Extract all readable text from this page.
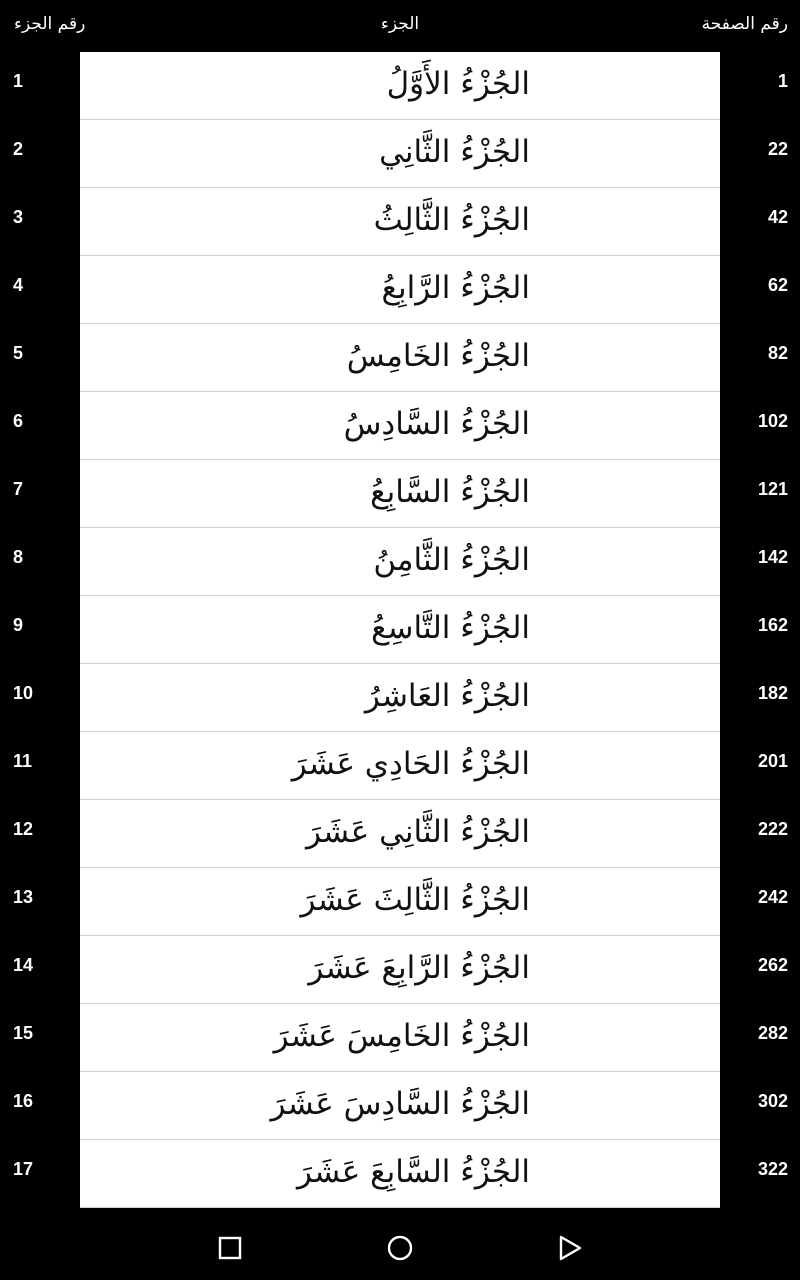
رقم الجزء	الجزء	رقم الصفحة
1	الجُزْءُ الأَوَّلُ	1
2	الجُزْءُ الثَّانِي	22
3	الجُزْءُ الثَّالِثُ	42
4	الجُزْءُ الرَّابِعُ	62
5	الجُزْءُ الخَامِسُ	82
6	الجُزْءُ السَّادِسُ	102
7	الجُزْءُ السَّابِعُ	121
8	الجُزْءُ الثَّامِنُ	142
9	الجُزْءُ التَّاسِعُ	162
10	الجُزْءُ العَاشِرُ	182
11	الجُزْءُ الحَادِي عَشَرَ	201
12	الجُزْءُ الثَّانِي عَشَرَ	222
13	الجُزْءُ الثَّالِثَ عَشَرَ	242
14	الجُزْءُ الرَّابِعَ عَشَرَ	262
15	الجُزْءُ الخَامِسَ عَشَرَ	282
16	الجُزْءُ السَّادِسَ عَشَرَ	302
17	الجُزْءُ السَّابِعَ عَشَرَ	322
